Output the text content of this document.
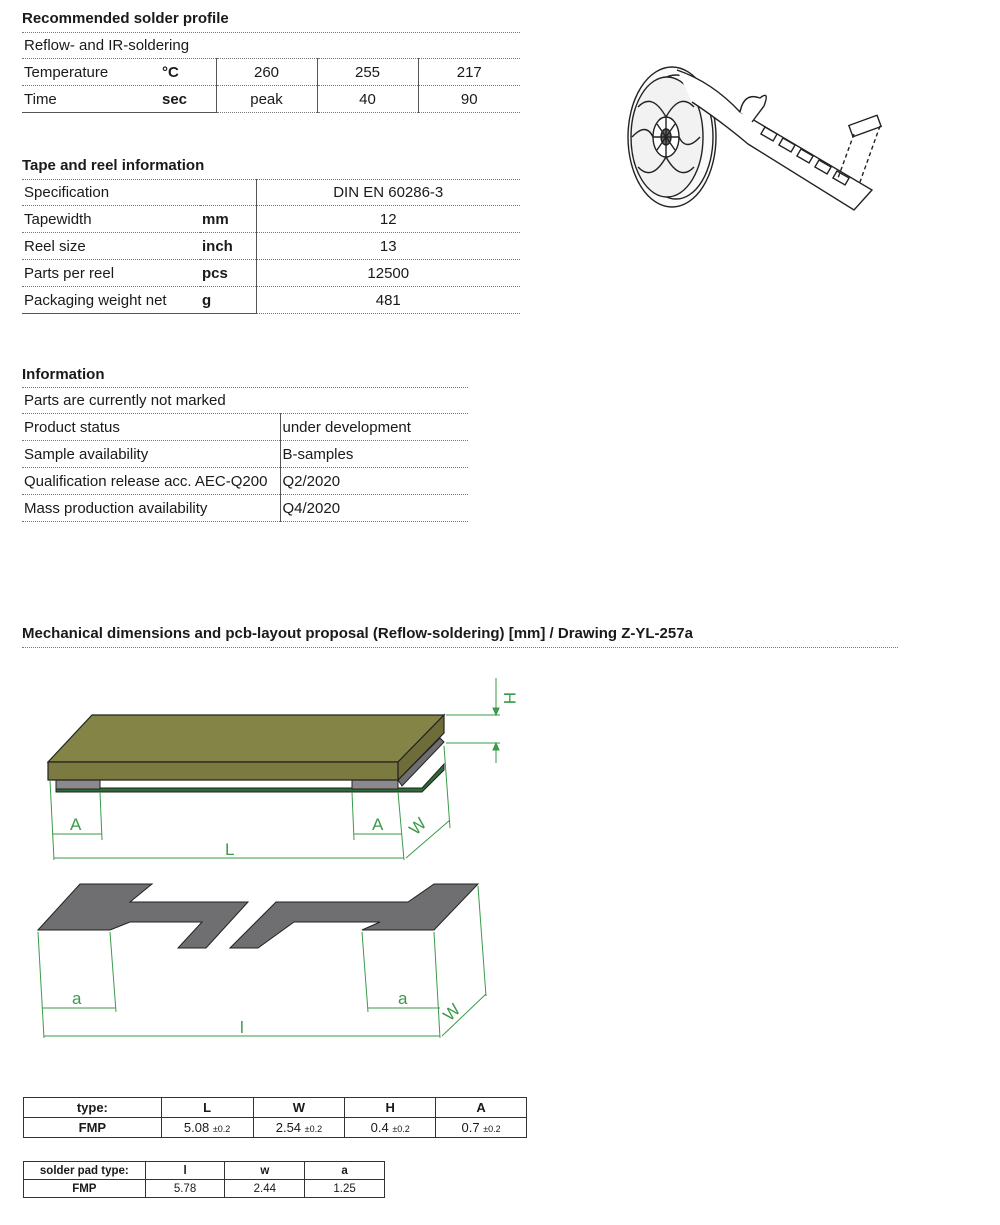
Recommended solder profile
Reflow- and IR-soldering				
Temperature	°C	260	255	217
Time	sec	peak	40	90
Tape and reel information
Specification		DIN EN 60286-3
Tapewidth	mm	12
Reel size	inch	13
Parts per reel	pcs	12500
Packaging weight net	g	481
Information
Parts are currently not marked	
Product status	under development
Sample availability	B-samples
Qualification release acc. AEC-Q200	Q2/2020
Mass production availability	Q4/2020
Mechanical dimensions and pcb-layout proposal (Reflow-soldering) [mm] / Drawing Z-YL-257a
H
A	A
L
W
a	a
l
W
type:	L	W	H	A
FMP	5.08 ±0.2	2.54 ±0.2	0.4 ±0.2	0.7 ±0.2
solder pad type:	l	w	a
FMP	5.78	2.44	1.25
